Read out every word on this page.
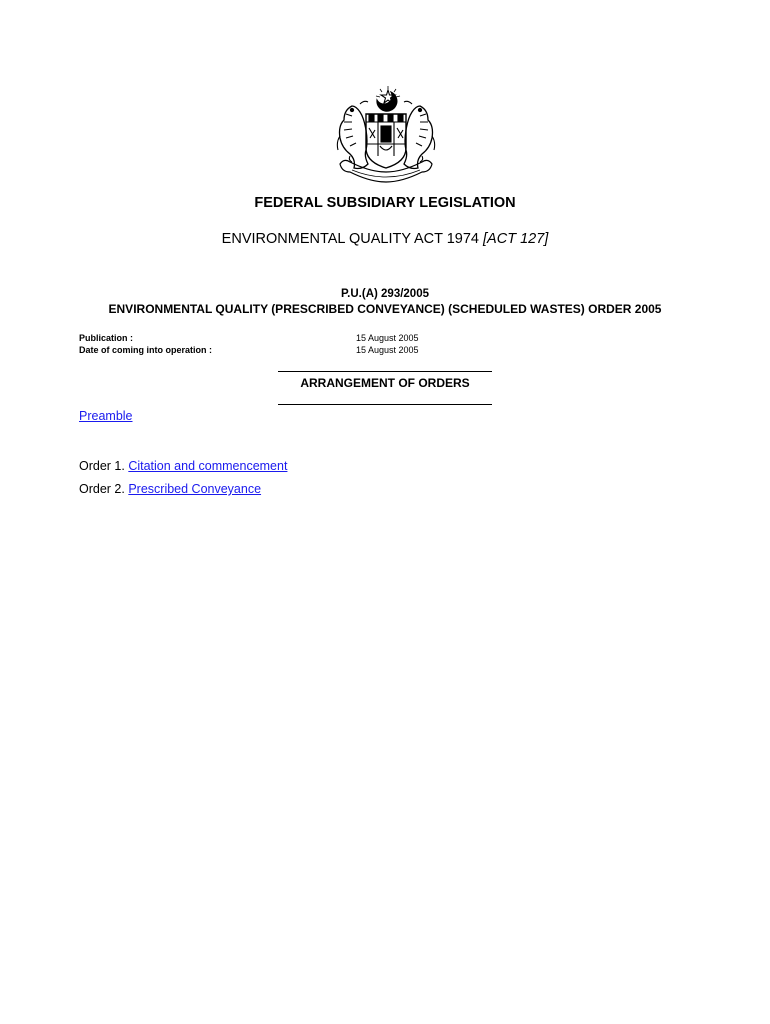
FEDERAL SUBSIDIARY LEGISLATION
ENVIRONMENTAL QUALITY ACT 1974 [ACT 127]
P.U.(A) 293/2005
ENVIRONMENTAL QUALITY (PRESCRIBED CONVEYANCE) (SCHEDULED WASTES) ORDER 2005
Publication :	15 August 2005
Date of coming into operation :	15 August 2005
ARRANGEMENT OF ORDERS
Preamble
Order 1. Citation and commencement
Order 2. Prescribed Conveyance
